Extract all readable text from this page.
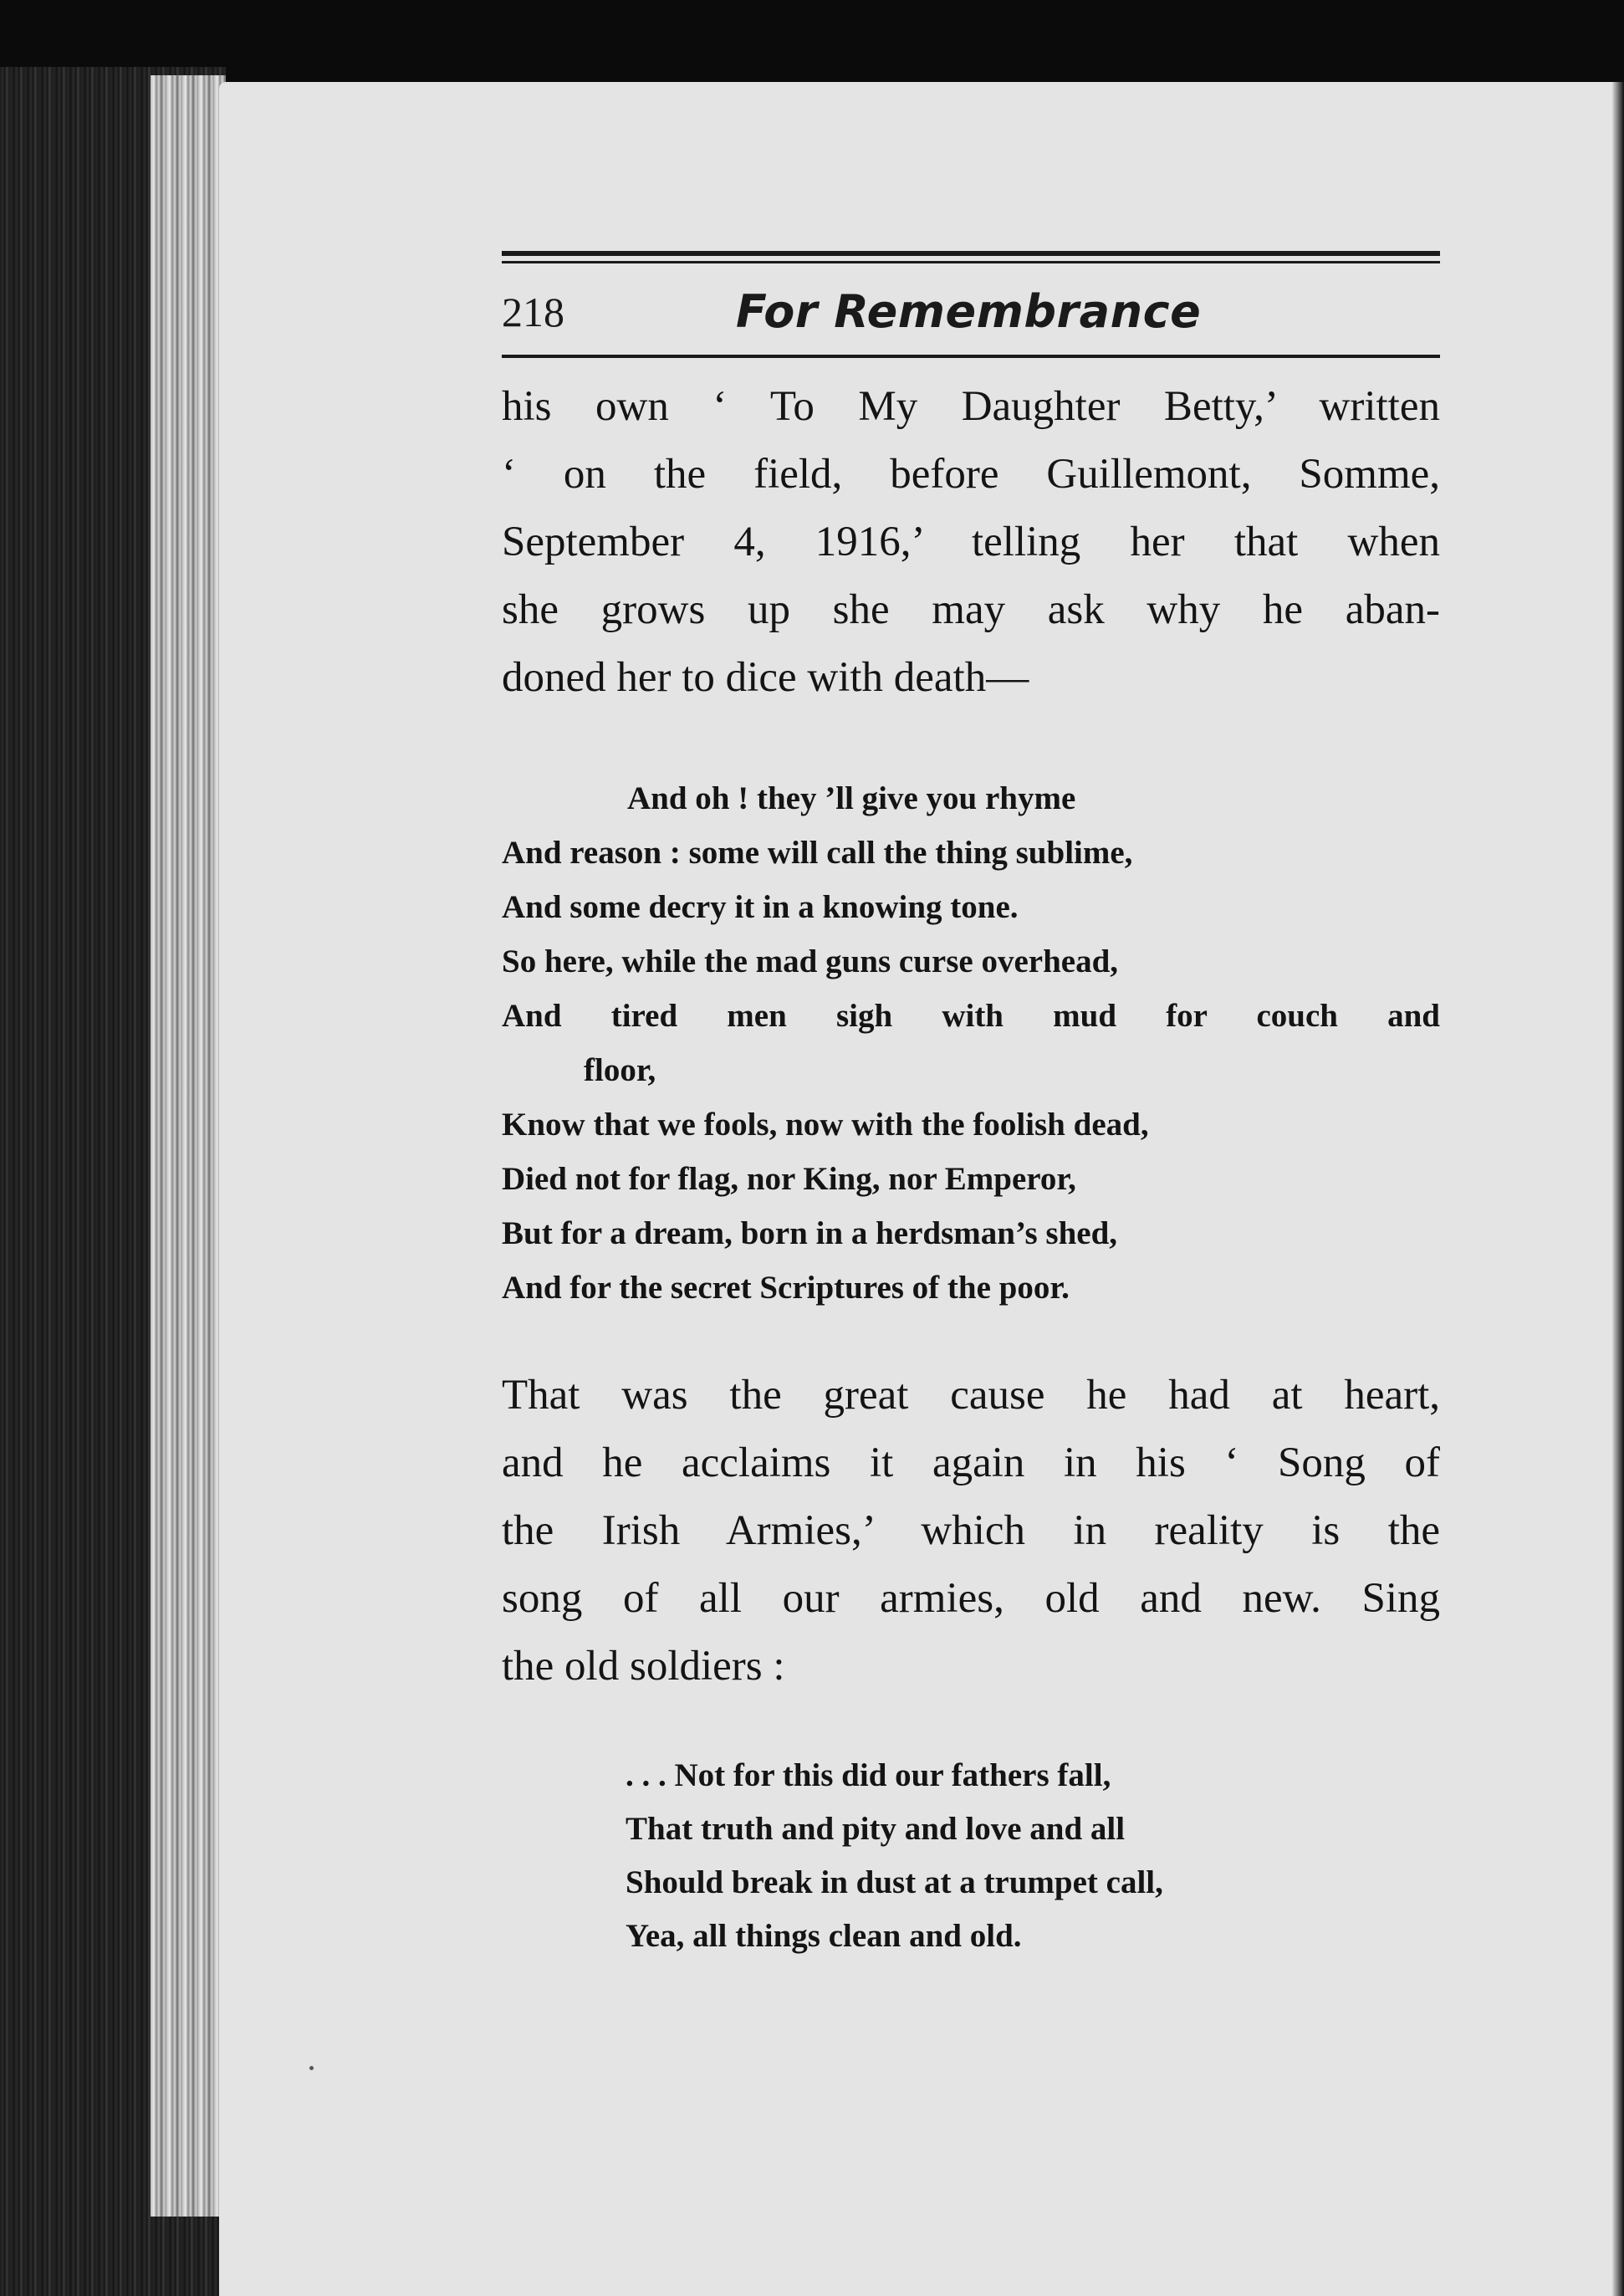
218	For Remembrance
his own ‘ To My Daughter Betty,’ written
‘ on the field, before Guillemont, Somme,
September 4, 1916,’ telling her that when
she grows up she may ask why he aban-
doned her to dice with death—
And oh ! they ’ll give you rhyme
And reason : some will call the thing sublime,
And some decry it in a knowing tone.
So here, while the mad guns curse overhead,
And tired men sigh with mud for couch and
floor,
Know that we fools, now with the foolish dead,
Died not for flag, nor King, nor Emperor,
But for a dream, born in a herdsman’s shed,
And for the secret Scriptures of the poor.
That was the great cause he had at heart,
and he acclaims it again in his ‘ Song of
the Irish Armies,’ which in reality is the
song of all our armies, old and new. Sing
the old soldiers :
. . . Not for this did our fathers fall,
That truth and pity and love and all
Should break in dust at a trumpet call,
Yea, all things clean and old.
